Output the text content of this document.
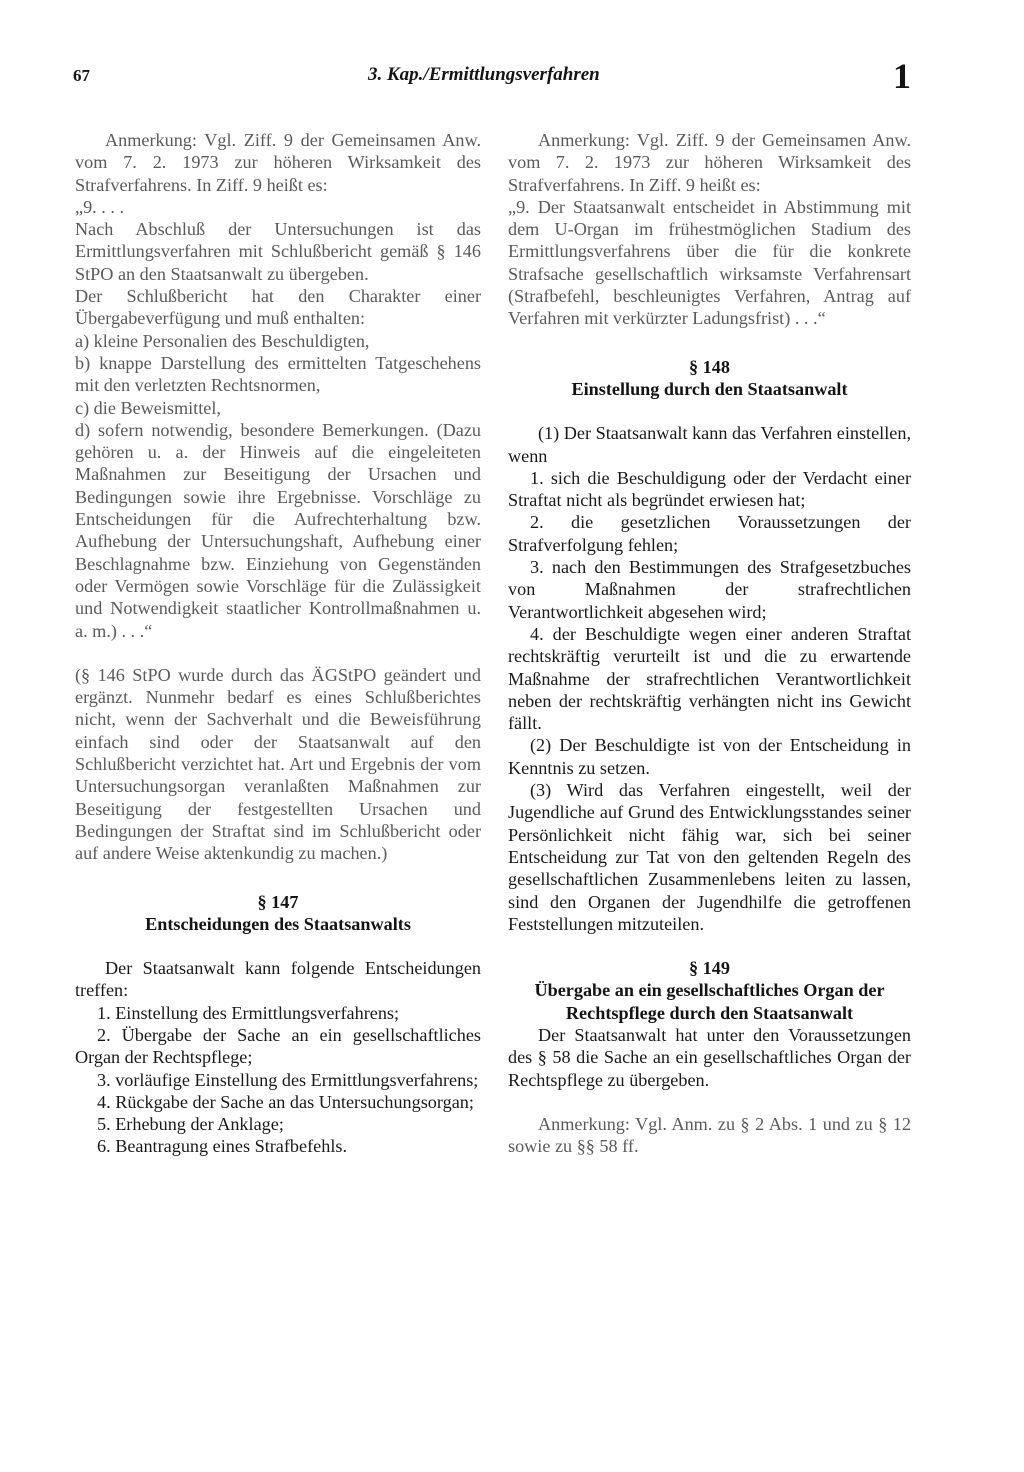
67	3. Kap./Ermittlungsverfahren	1

Anmerkung: Vgl. Ziff. 9 der Gemeinsamen Anw. vom 7. 2. 1973 zur höheren Wirksamkeit des Strafverfahrens. In Ziff. 9 heißt es:

„9. . . .

Nach Abschluß der Untersuchungen ist das Ermittlungsverfahren mit Schlußbericht gemäß § 146 StPO an den Staatsanwalt zu übergeben.

Der Schlußbericht hat den Charakter einer Übergabeverfügung und muß enthalten:

a) kleine Personalien des Beschuldigten,

b) knappe Darstellung des ermittelten Tatgeschehens mit den verletzten Rechtsnormen,

c) die Beweismittel,

d) sofern notwendig, besondere Bemerkungen. (Dazu gehören u. a. der Hinweis auf die eingeleiteten Maßnahmen zur Beseitigung der Ursachen und Bedingungen sowie ihre Ergebnisse. Vorschläge zu Entscheidungen für die Aufrechterhaltung bzw. Aufhebung der Untersuchungshaft, Aufhebung einer Beschlagnahme bzw. Einziehung von Gegenständen oder Vermögen sowie Vorschläge für die Zulässigkeit und Notwendigkeit staatlicher Kontrollmaßnahmen u. a. m.) . . .“

(§ 146 StPO wurde durch das ÄGStPO geändert und ergänzt. Nunmehr bedarf es eines Schlußberichtes nicht, wenn der Sachverhalt und die Beweisführung einfach sind oder der Staatsanwalt auf den Schlußbericht verzichtet hat. Art und Ergebnis der vom Untersuchungsorgan veranlaßten Maßnahmen zur Beseitigung der festgestellten Ursachen und Bedingungen der Straftat sind im Schlußbericht oder auf andere Weise aktenkundig zu machen.)

§ 147
Entscheidungen des Staatsanwalts

Der Staatsanwalt kann folgende Entscheidungen treffen:

1. Einstellung des Ermittlungsverfahrens;

2. Übergabe der Sache an ein gesellschaftliches Organ der Rechtspflege;

3. vorläufige Einstellung des Ermittlungsverfahrens;

4. Rückgabe der Sache an das Untersuchungsorgan;

5. Erhebung der Anklage;

6. Beantragung eines Strafbefehls.

Anmerkung: Vgl. Ziff. 9 der Gemeinsamen Anw. vom 7. 2. 1973 zur höheren Wirksamkeit des Strafverfahrens. In Ziff. 9 heißt es:

„9. Der Staatsanwalt entscheidet in Abstimmung mit dem U-Organ im frühestmöglichen Stadium des Ermittlungsverfahrens über die für die konkrete Strafsache gesellschaftlich wirksamste Verfahrensart (Strafbefehl, beschleunigtes Verfahren, Antrag auf Verfahren mit verkürzter Ladungsfrist) . . .“

§ 148
Einstellung durch den Staatsanwalt

(1) Der Staatsanwalt kann das Verfahren einstellen, wenn

1. sich die Beschuldigung oder der Verdacht einer Straftat nicht als begründet erwiesen hat;

2. die gesetzlichen Voraussetzungen der Strafverfolgung fehlen;

3. nach den Bestimmungen des Strafgesetzbuches von Maßnahmen der strafrechtlichen Verantwortlichkeit abgesehen wird;

4. der Beschuldigte wegen einer anderen Straftat rechtskräftig verurteilt ist und die zu erwartende Maßnahme der strafrechtlichen Verantwortlichkeit neben der rechtskräftig verhängten nicht ins Gewicht fällt.

(2) Der Beschuldigte ist von der Entscheidung in Kenntnis zu setzen.

(3) Wird das Verfahren eingestellt, weil der Jugendliche auf Grund des Entwicklungsstandes seiner Persönlichkeit nicht fähig war, sich bei seiner Entscheidung zur Tat von den geltenden Regeln des gesellschaftlichen Zusammenlebens leiten zu lassen, sind den Organen der Jugendhilfe die getroffenen Feststellungen mitzuteilen.

§ 149
Übergabe an ein gesellschaftliches Organ der Rechtspflege durch den Staatsanwalt

Der Staatsanwalt hat unter den Voraussetzungen des § 58 die Sache an ein gesellschaftliches Organ der Rechtspflege zu übergeben.

Anmerkung: Vgl. Anm. zu § 2 Abs. 1 und zu § 12 sowie zu §§ 58 ff.
